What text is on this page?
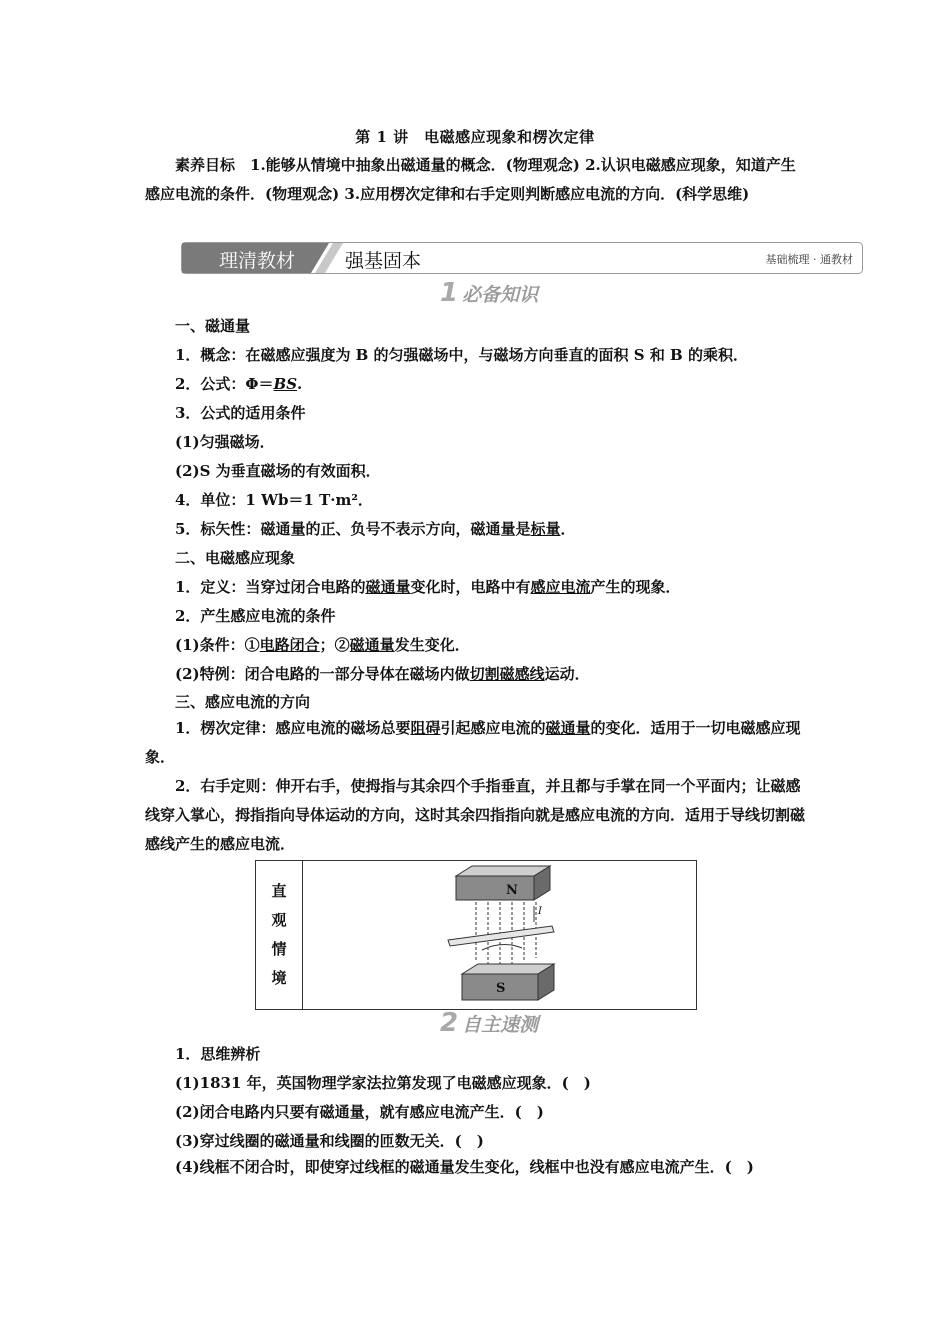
第 1 讲　电磁感应现象和楞次定律
素养目标　1.能够从情境中抽象出磁通量的概念．(物理观念) 2.认识电磁感应现象，知道产生感应电流的条件．(物理观念) 3.应用楞次定律和右手定则判断感应电流的方向．(科学思维)
理清教材	强基固本	基础梳理 · 通教材
1 必备知识
一、磁通量
1．概念：在磁感应强度为 B 的匀强磁场中，与磁场方向垂直的面积 S 和 B 的乘积．
2．公式：Φ＝BS.
3．公式的适用条件
(1)匀强磁场．
(2)S 为垂直磁场的有效面积．
4．单位：1 Wb＝1 T·m²．
5．标矢性：磁通量的正、负号不表示方向，磁通量是标量．
二、电磁感应现象
1．定义：当穿过闭合电路的磁通量变化时，电路中有感应电流产生的现象．
2．产生感应电流的条件
(1)条件：①电路闭合；②磁通量发生变化．
(2)特例：闭合电路的一部分导体在磁场内做切割磁感线运动．
三、感应电流的方向
1．楞次定律：感应电流的磁场总要阻碍引起感应电流的磁通量的变化．适用于一切电磁感应现象．
2．右手定则：伸开右手，使拇指与其余四个手指垂直，并且都与手掌在同一个平面内；让磁感线穿入掌心，拇指指向导体运动的方向，这时其余四指指向就是感应电流的方向．适用于导线切割磁感线产生的感应电流．
直
观
情
境
N
I
S
2 自主速测
1．思维辨析
(1)1831 年，英国物理学家法拉第发现了电磁感应现象．(　)
(2)闭合电路内只要有磁通量，就有感应电流产生．(　)
(3)穿过线圈的磁通量和线圈的匝数无关．(　)
(4)线框不闭合时，即使穿过线框的磁通量发生变化，线框中也没有感应电流产生．(　)
